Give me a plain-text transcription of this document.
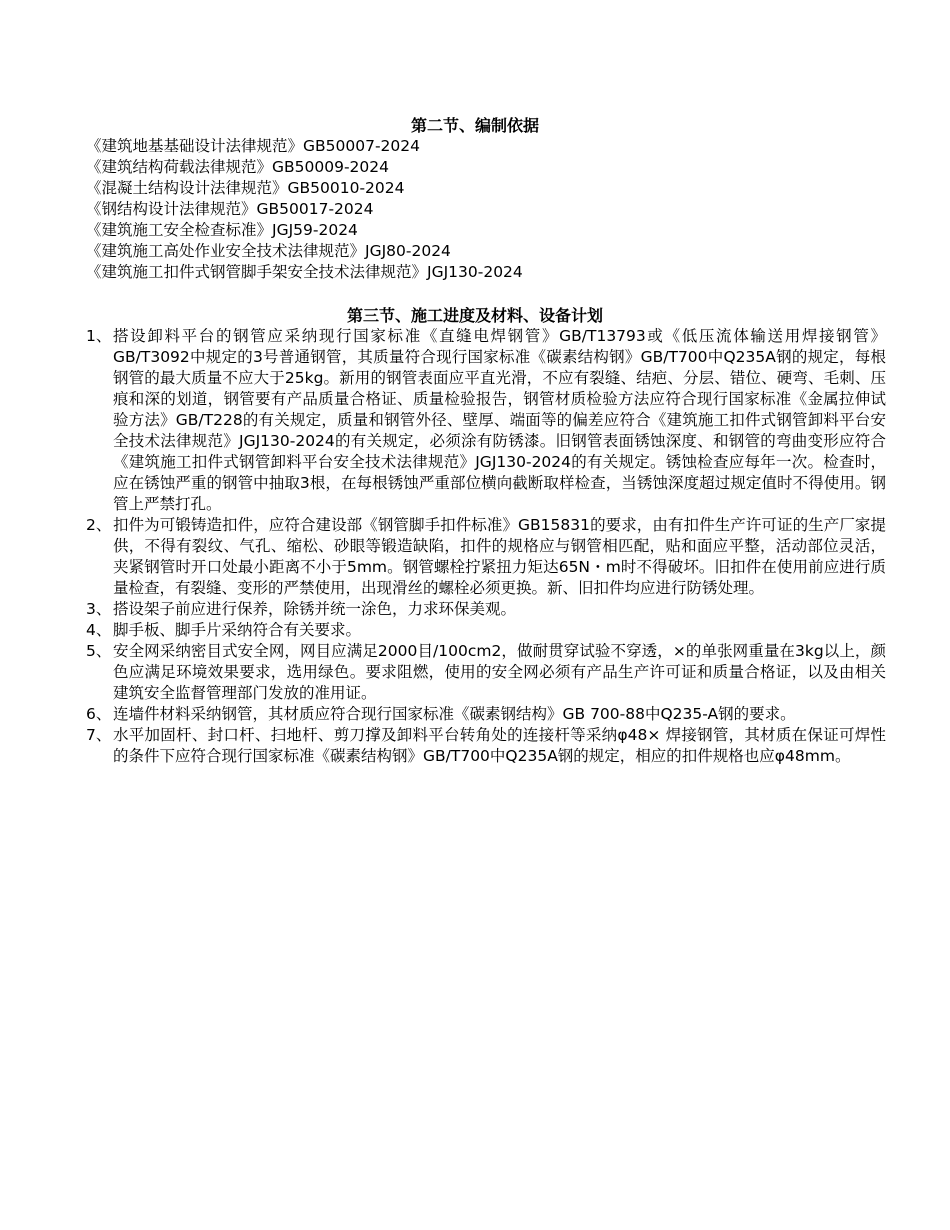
第二节、编制依据
《建筑地基基础设计法律规范》GB50007-2024
《建筑结构荷载法律规范》GB50009-2024
《混凝土结构设计法律规范》GB50010-2024
《钢结构设计法律规范》GB50017-2024
《建筑施工安全检查标准》JGJ59-2024
《建筑施工高处作业安全技术法律规范》JGJ80-2024
《建筑施工扣件式钢管脚手架安全技术法律规范》JGJ130-2024
第三节、施工进度及材料、设备计划
1、 搭设卸料平台的钢管应采纳现行国家标准《直缝电焊钢管》GB/T13793或《低压流体输送用焊接钢管》GB/T3092中规定的3号普通钢管，其质量符合现行国家标准《碳素结构钢》GB/T700中Q235A钢的规定，每根钢管的最大质量不应大于25kg。新用的钢管表面应平直光滑，不应有裂缝、结疤、分层、错位、硬弯、毛刺、压痕和深的划道，钢管要有产品质量合格证、质量检验报告，钢管材质检验方法应符合现行国家标准《金属拉伸试验方法》GB/T228的有关规定，质量和钢管外径、壁厚、端面等的偏差应符合《建筑施工扣件式钢管卸料平台安全技术法律规范》JGJ130-2024的有关规定，必须涂有防锈漆。旧钢管表面锈蚀深度、和钢管的弯曲变形应符合《建筑施工扣件式钢管卸料平台安全技术法律规范》JGJ130-2024的有关规定。锈蚀检查应每年一次。检查时，应在锈蚀严重的钢管中抽取3根，在每根锈蚀严重部位横向截断取样检查，当锈蚀深度超过规定值时不得使用。钢管上严禁打孔。
2、 扣件为可锻铸造扣件，应符合建设部《钢管脚手扣件标准》GB15831的要求，由有扣件生产许可证的生产厂家提供，不得有裂纹、气孔、缩松、砂眼等锻造缺陷，扣件的规格应与钢管相匹配，贴和面应平整，活动部位灵活，夹紧钢管时开口处最小距离不小于5mm。钢管螺栓拧紧扭力矩达65N・m时不得破坏。旧扣件在使用前应进行质量检查，有裂缝、变形的严禁使用，出现滑丝的螺栓必须更换。新、旧扣件均应进行防锈处理。
3、 搭设架子前应进行保养，除锈并统一涂色，力求环保美观。
4、 脚手板、脚手片采纳符合有关要求。
5、 安全网采纳密目式安全网，网目应满足2000目/100cm2，做耐贯穿试验不穿透，×的单张网重量在3kg以上，颜色应满足环境效果要求，选用绿色。要求阻燃，使用的安全网必须有产品生产许可证和质量合格证，以及由相关建筑安全监督管理部门发放的准用证。
6、 连墙件材料采纳钢管，其材质应符合现行国家标准《碳素钢结构》GB 700-88中Q235-A钢的要求。
7、 水平加固杆、封口杆、扫地杆、剪刀撑及卸料平台转角处的连接杆等采纳φ48× 焊接钢管，其材质在保证可焊性的条件下应符合现行国家标准《碳素结构钢》GB/T700中Q235A钢的规定，相应的扣件规格也应φ48mm。
